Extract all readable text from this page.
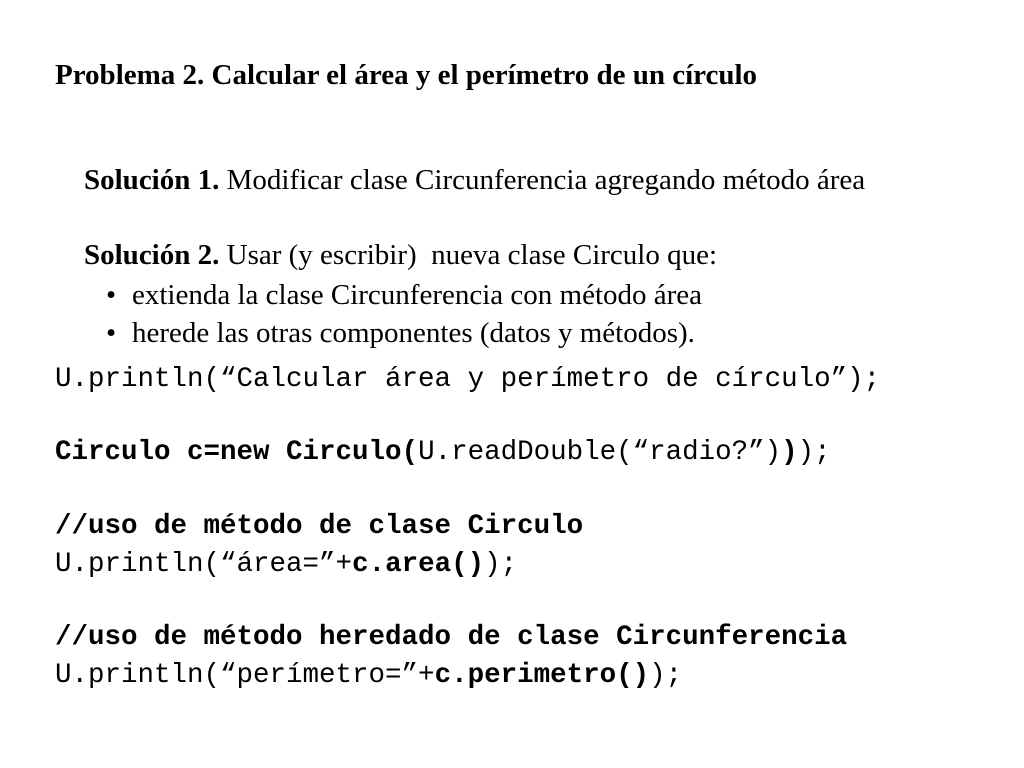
Problema 2. Calcular el área y el perímetro de un círculo

Solución 1. Modificar clase Circunferencia agregando método área

Solución 2. Usar (y escribir)  nueva clase Circulo que:

• extienda la clase Circunferencia con método área

• herede las otras componentes (datos y métodos).

U.println(“Calcular área y perímetro de círculo”);
Circulo c=new Circulo(U.readDouble(“radio?”)));
//uso de método de clase Circulo
U.println(“área=”+c.area());
//uso de método heredado de clase Circunferencia
U.println(“perímetro=”+c.perimetro());
